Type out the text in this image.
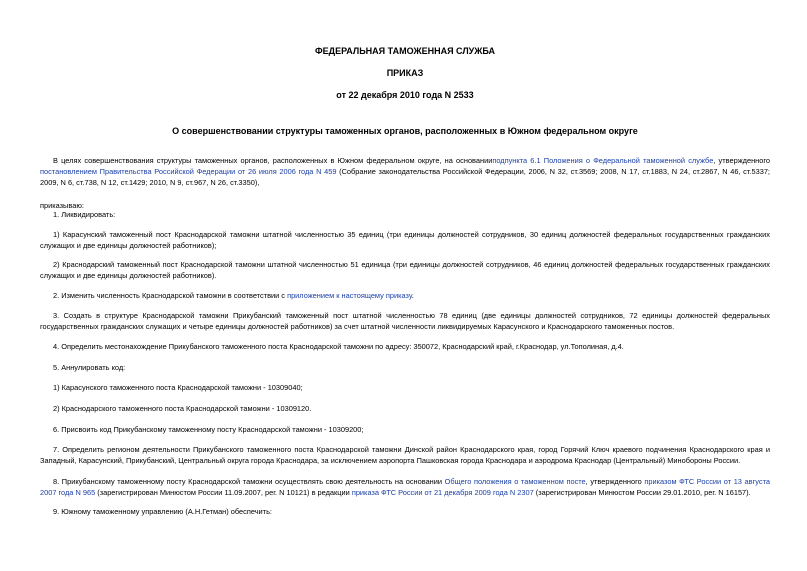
ФЕДЕРАЛЬНАЯ ТАМОЖЕННАЯ СЛУЖБА
ПРИКАЗ
от 22 декабря 2010 года N 2533
О совершенствовании структуры таможенных органов, расположенных в Южном федеральном округе
В целях совершенствования структуры таможенных органов, расположенных в Южном федеральном округе, на основанииподпункта 6.1 Положения о Федеральной таможенной службе, утвержденного постановлением Правительства Российской Федерации от 26 июля 2006 года N 459 (Собрание законодательства Российской Федерации, 2006, N 32, ст.3569; 2008, N 17, ст.1883, N 24, ст.2867, N 46, ст.5337; 2009, N 6, ст.738, N 12, ст.1429; 2010, N 9, ст.967, N 26, ст.3350),
приказываю:
1. Ликвидировать:
1) Карасунский таможенный пост Краснодарской таможни штатной численностью 35 единиц (три единицы должностей сотрудников, 30 единиц должностей федеральных государственных гражданских служащих и две единицы должностей работников);
2) Краснодарский таможенный пост Краснодарской таможни штатной численностью 51 единица (три единицы должностей сотрудников, 46 единиц должностей федеральных государственных гражданских служащих и две единицы должностей работников).
2. Изменить численность Краснодарской таможни в соответствии с приложением к настоящему приказу.
3. Создать в структуре Краснодарской таможни Прикубанский таможенный пост штатной численностью 78 единиц (две единицы должностей сотрудников, 72 единицы должностей федеральных государственных гражданских служащих и четыре единицы должностей работников) за счет штатной численности ликвидируемых Карасунского и Краснодарского таможенных постов.
4. Определить местонахождение Прикубанского таможенного поста Краснодарской таможни по адресу: 350072, Краснодарский край, г.Краснодар, ул.Тополиная, д.4.
5. Аннулировать код:
1) Карасунского таможенного поста Краснодарской таможни - 10309040;
2) Краснодарского таможенного поста Краснодарской таможни - 10309120.
6. Присвоить код Прикубанскому таможенному посту Краснодарской таможни - 10309200;
7. Определить регионом деятельности Прикубанского таможенного поста Краснодарской таможни Динской район Краснодарского края, город Горячий Ключ краевого подчинения Краснодарского края и Западный, Карасунский, Прикубанский, Центральный округа города Краснодара, за исключением аэропорта Пашковская города Краснодара и аэродрома Краснодар (Центральный) Минобороны России.
8. Прикубанскому таможенному посту Краснодарской таможни осуществлять свою деятельность на основании Общего положения о таможенном посте, утвержденного приказом ФТС России от 13 августа 2007 года N 965 (зарегистрирован Минюстом России 11.09.2007, рег. N 10121) в редакции приказа ФТС России от 21 декабря 2009 года N 2307 (зарегистрирован Минюстом России 29.01.2010, рег. N 16157).
9. Южному таможенному управлению (А.Н.Гетман) обеспечить:
